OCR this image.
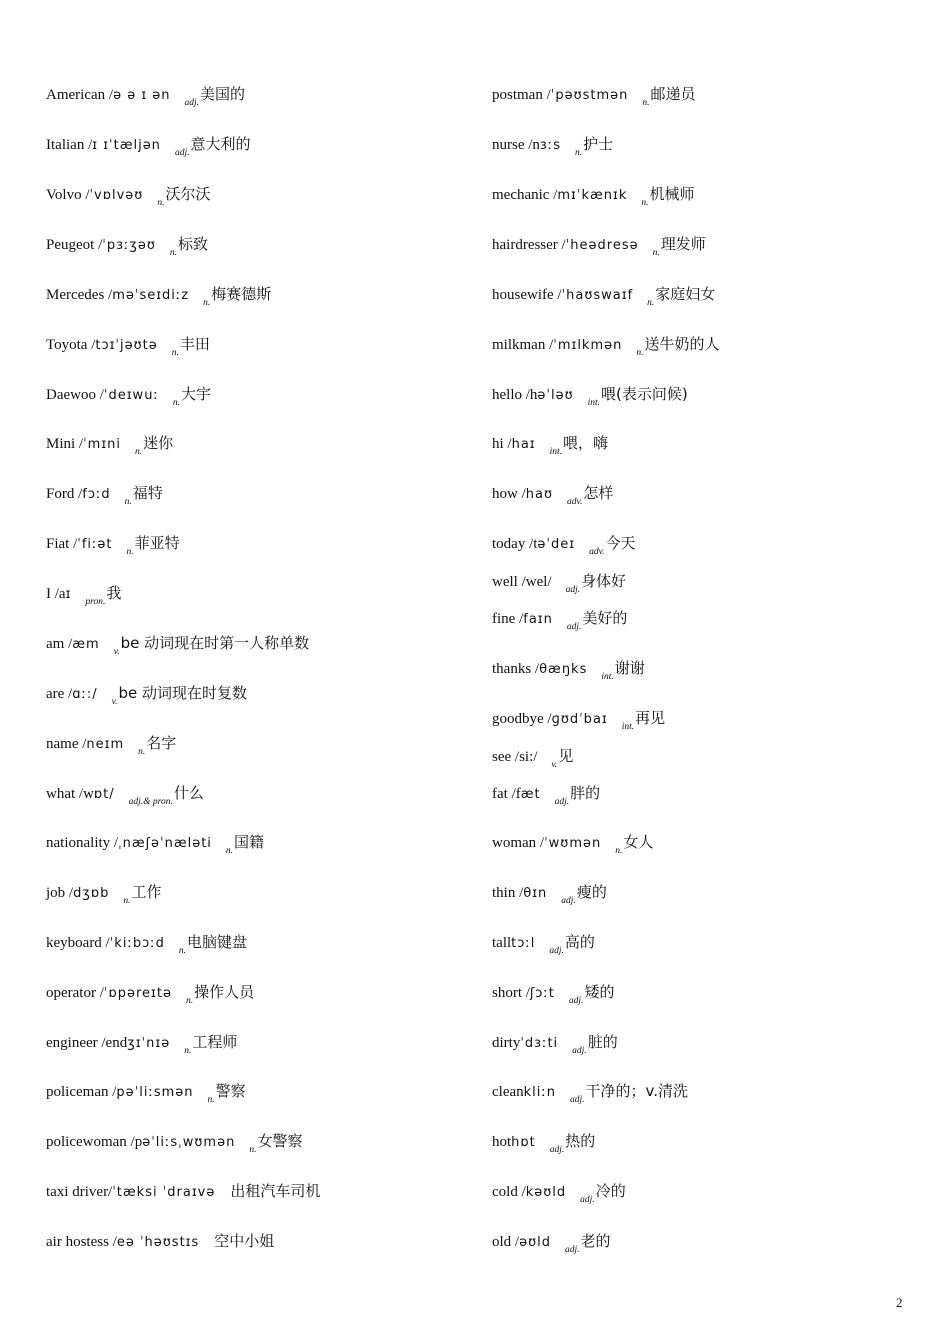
American /ǝ ǝ ɪ ǝn adj.美国的
Italian /ɪ ɪˈtæljǝn adj.意大利的
Volvo /ˈvɒlvǝʊ n.沃尔沃
Peugeot /ˈpɜːʒǝʊ n.标致
Mercedes /mǝˈseɪdiːz n.梅赛德斯
Toyota /tɔɪˈjǝʊtǝ n.丰田
Daewoo /ˈdeɪwuː n.大宇
Mini /ˈmɪni n.迷你
Ford /fɔːd n.福特
Fiat /ˈfiːǝt n.菲亚特
I /aɪ pron.我
am /æm v.be 动词现在时第一人称单数
are /ɑː:/ v.be 动词现在时复数
name /neɪm n.名字
what /wɒt/ adj.& pron.什么
nationality /ˌnæʃǝˈnælǝti n.国籍
job /dʒɒb n.工作
keyboard /ˈkiːbɔːd n.电脑键盘
operator /ˈɒpǝreɪtǝ n.操作人员
engineer /endʒɪˈnɪǝ n.工程师
policeman /pǝˈliːsmǝn n.警察
policewoman /pǝˈliːsˌwʊmǝn n.女警察
taxi driver/ˈtæksi ˈdraɪvǝ 出租汽车司机
air hostess /eǝ ˈhǝʊstɪs 空中小姐
postman /ˈpǝʊstmǝn n.邮递员
nurse /nɜːs n.护士
mechanic /mɪˈkænɪk n.机械师
hairdresser /ˈheǝdresǝ n.理发师
housewife /ˈhaʊswaɪf n.家庭妇女
milkman /ˈmɪlkmǝn n.送牛奶的人
hello /hǝˈlǝʊ int.喂(表示问候)
hi /haɪ int.喂，嗨
how /haʊ adv.怎样
today /tǝˈdeɪ adv.今天
well /wel/ adj.身体好
fine /faɪn adj.美好的
thanks /θæŋks int.谢谢
goodbye /ɡʊdˈbaɪ int.再见
see /si:/ v.见
fat /fæt adj.胖的
woman /ˈwʊmǝn n.女人
thin /θɪn adj.瘦的
talltɔːl adj.高的
short /ʃɔːt adj.矮的
dirtyˈdɜːti adj.脏的
cleankliːn adj.干净的；v.清洗
hothɒt adj.热的
cold /kǝʊld adj.冷的
old /ǝʊld adj.老的
2
